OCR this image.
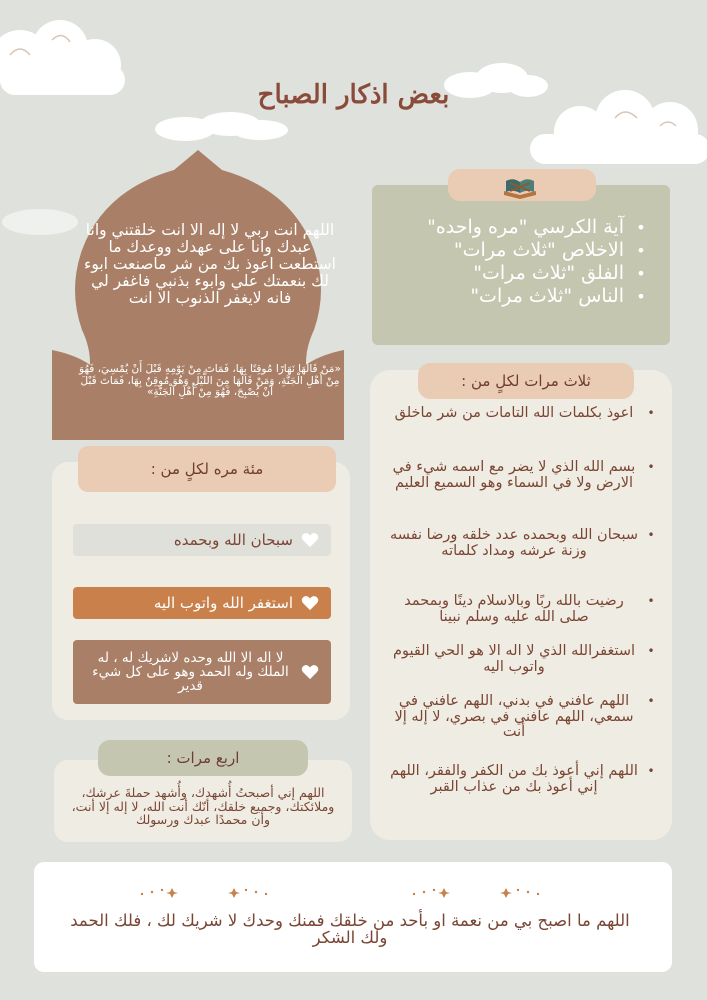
بعض اذكار الصباح
اللهم انت ربي لا إله الا انت خلقتني وانا عبدك وانا على عهدك ووعدك ما استطعت اعوذ بك من شر ماصنعت ابوء لك بنعمتك علي وابوء بذنبي فاغفر لي فانه لايغفر الذنوب الا انت
«مَنْ قَالَهَا نَهَارًا مُوقِنًا بِهَا، فَمَاتَ مِنْ يَوْمِهِ قَبْلَ أَنْ يُمْسِيَ، فَهُوَ مِنْ أَهْلِ الْجَنَّةِ، وَمَنْ قَالَهَا مِنَ اللَّيْلِ وَهُوَ مُوقِنٌ بِهَا، فَمَاتَ قَبْلَ أَنْ يُصْبِحَ، فَهُوَ مِنْ أَهْلِ الْجَنَّةِ»
•
آية الكرسي "مره واحده"
•
الاخلاص "ثلاث مرات"
•
الفلق "ثلاث مرات"
•
الناس "ثلاث مرات"
ثلاث مرات لكلٍ من :
•
اعوذ بكلمات الله التامات من شر ماخلق
•
بسم الله الذي لا يضر مع اسمه شيء في الارض ولا في السماء وهو السميع العليم
•
سبحان الله وبحمده عدد خلقه ورضا نفسه وزنة عرشه ومداد كلماته
•
رضيت بالله ربًا وبالاسلام دينًا وبمحمد صلى الله عليه وسلم نبينا
•
استغفرالله الذي لا اله الا هو الحي القيوم واتوب اليه
•
اللهم عافني في بدني، اللهم عافني في سمعي، اللهم عافني في بصري، لا إله إلا أنت
•
اللهم إني أعوذ بك من الكفر والفقر، اللهم إني أعوذ بك من عذاب القبر
مئة مره لكلٍ من :
سبحان الله وبحمده
استغفر الله واتوب اليه
لا اله الا الله وحده لاشريك له ، له الملك وله الحمد وهو على كل شيء قدير
اربع مرات :
اللهم إني أصبحتُ أُشهدك، وأُشهد حملةَ عرشك، وملائكتك، وجميع خلقك، أنّك أنت الله، لا إله إلا أنت، وأن محمدًا عبدك ورسولك
اللهم ما اصبح بي من نعمة او بأحد من خلقك فمنك وحدك لا شريك لك ، فلك الحمد ولك الشكر
